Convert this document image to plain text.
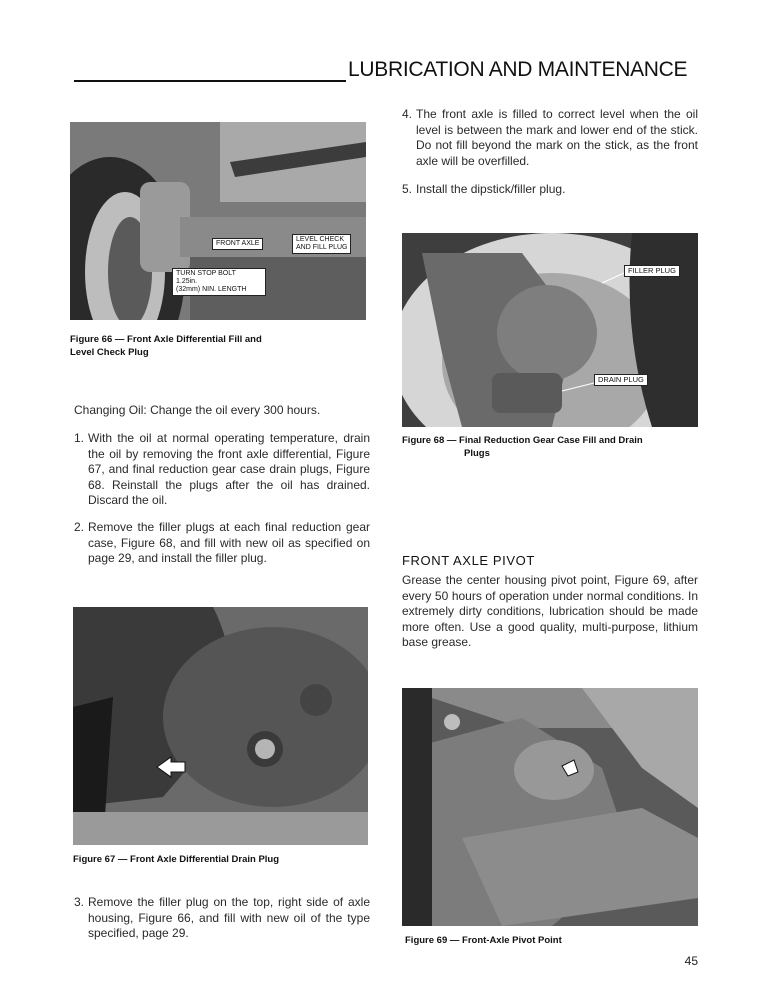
LUBRICATION AND MAINTENANCE
FRONT AXLE
LEVEL CHECK
AND FILL PLUG
TURN STOP BOLT
1.25in.
(32mm) NIN. LENGTH
Figure 66 — Front Axle Differential Fill and Level Check Plug
Changing Oil: Change the oil every 300 hours.
1. With the oil at normal operating temperature, drain the oil by removing the front axle differential, Figure 67, and final reduction gear case drain plugs, Figure 68. Reinstall the plugs after the oil has drained. Discard the oil.
2. Remove the filler plugs at each final reduction gear case, Figure 68, and fill with new oil as specified on page 29, and install the filler plug.
Figure 67 — Front Axle Differential Drain Plug
3. Remove the filler plug on the top, right side of axle housing, Figure 66, and fill with new oil of the type specified, page 29.
4. The front axle is filled to correct level when the oil level is between the mark and lower end of the stick. Do not fill beyond the mark on the stick, as the front axle will be overfilled.
5. Install the dipstick/filler plug.
FILLER PLUG
DRAIN PLUG
Figure 68 — Final Reduction Gear Case Fill and Drain
Plugs
FRONT AXLE PIVOT
Grease the center housing pivot point, Figure 69, after every 50 hours of operation under normal conditions. In extremely dirty conditions, lubrication should be made more often. Use a good quality, multi-purpose, lithium base grease.
Figure 69 — Front-Axle Pivot Point
45
